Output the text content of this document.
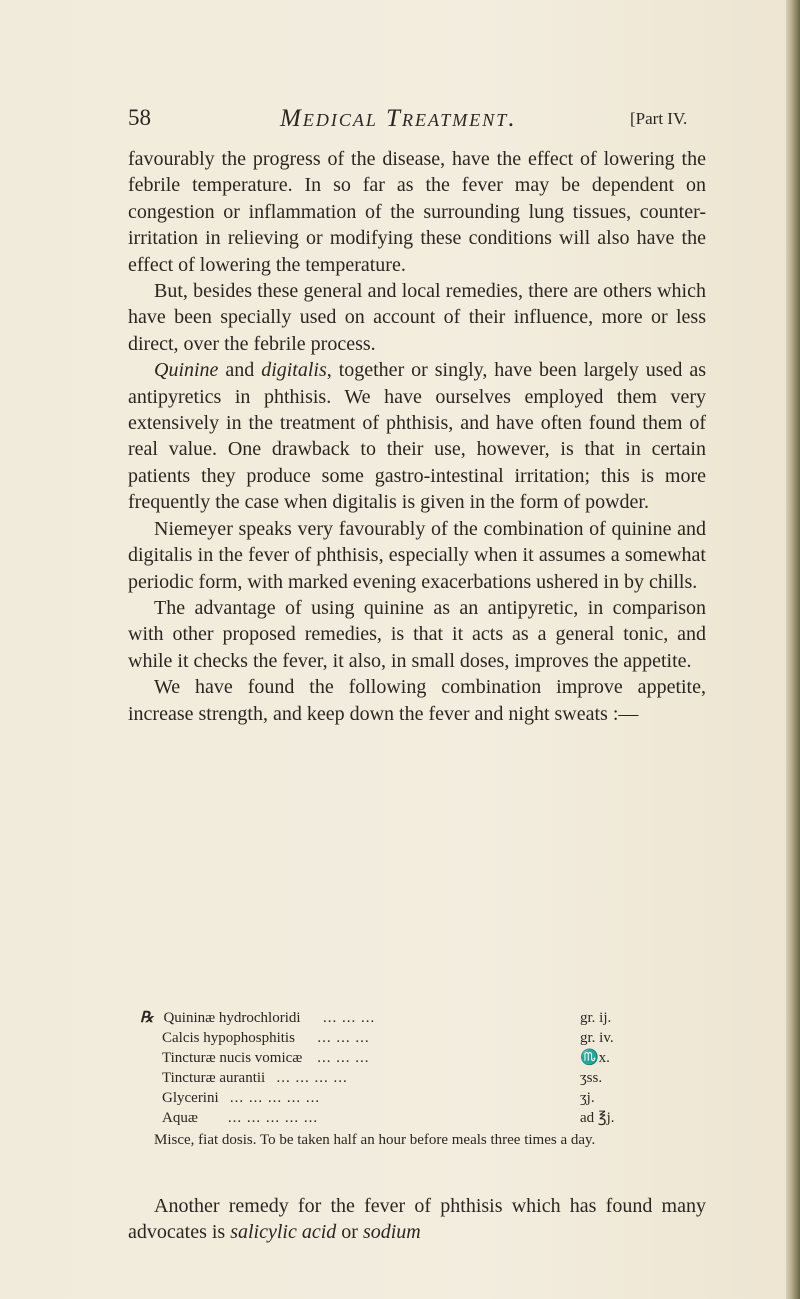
58	Medical Treatment.	[Part IV.

favourably the progress of the disease, have the effect of lowering the febrile temperature. In so far as the fever may be dependent on congestion or inflammation of the surrounding lung tissues, counter-irritation in relieving or modifying these conditions will also have the effect of lowering the temperature.

But, besides these general and local remedies, there are others which have been specially used on account of their influence, more or less direct, over the febrile process.

Quinine and digitalis, together or singly, have been largely used as antipyretics in phthisis. We have ourselves employed them very extensively in the treatment of phthisis, and have often found them of real value. One drawback to their use, however, is that in certain patients they produce some gastro-intestinal irritation; this is more frequently the case when digitalis is given in the form of powder.

Niemeyer speaks very favourably of the combination of quinine and digitalis in the fever of phthisis, especially when it assumes a somewhat periodic form, with marked evening exacerbations ushered in by chills.

The advantage of using quinine as an antipyretic, in comparison with other proposed remedies, is that it acts as a general tonic, and while it checks the fever, it also, in small doses, improves the appetite.

We have found the following combination improve appetite, increase strength, and keep down the fever and night sweats :—

℞ Quininæ hydrochloridi ... ... ...	gr. ij.
Calcis hypophosphitis ... ... ...	gr. iv.
Tincturæ nucis vomicæ ... ... ...	♏x.
Tincturæ aurantii ... ... ... ...	ʒss.
Glycerini ... ... ... ... ...	ʒj.
Aquæ ... ... ... ... ...	ad ℥j.
Misce, fiat dosis. To be taken half an hour before meals three times a day.

Another remedy for the fever of phthisis which has found many advocates is salicylic acid or sodium
